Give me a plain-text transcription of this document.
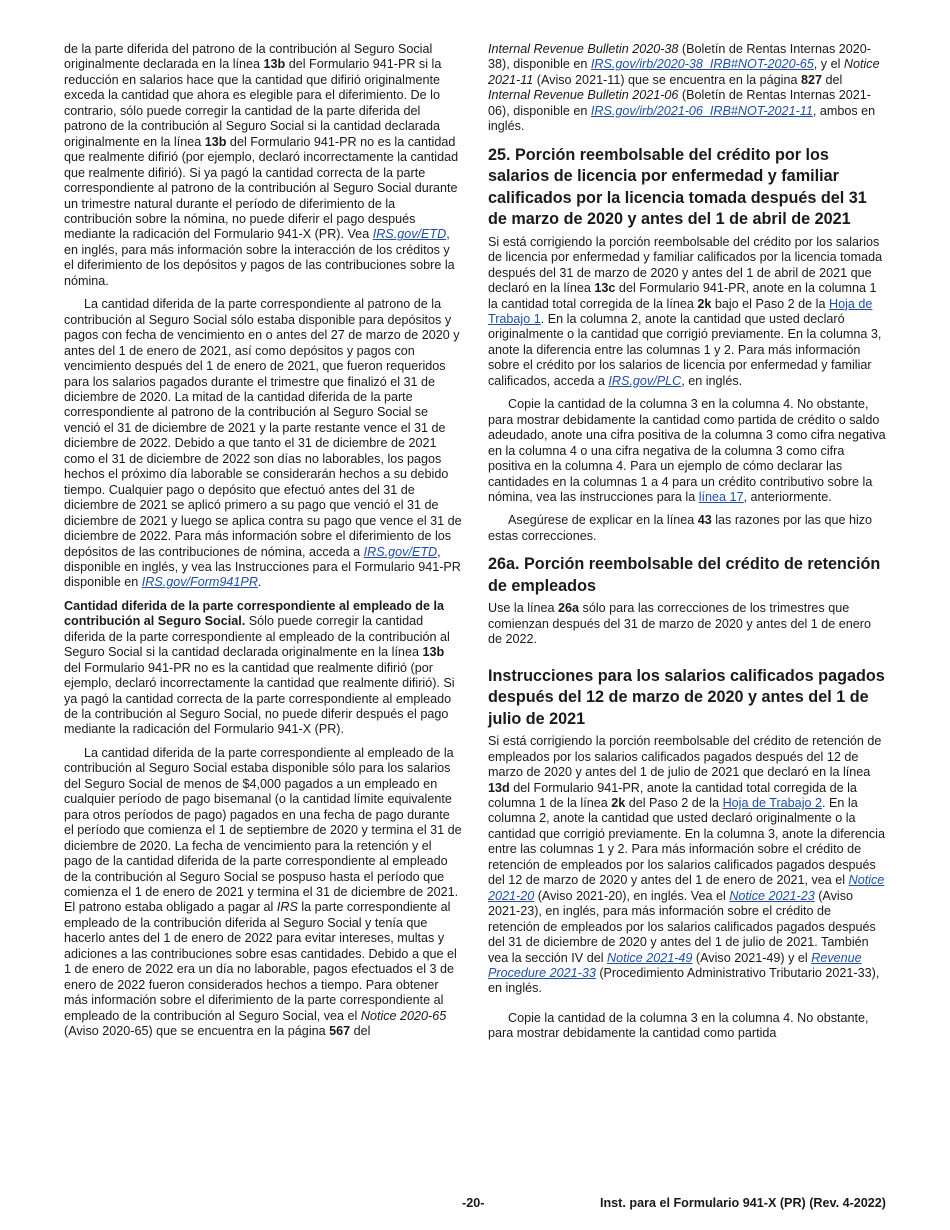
de la parte diferida del patrono de la contribución al Seguro Social originalmente declarada en la línea 13b del Formulario 941-PR si la reducción en salarios hace que la cantidad que difirió originalmente exceda la cantidad que ahora es elegible para el diferimiento. De lo contrario, sólo puede corregir la cantidad de la parte diferida del patrono de la contribución al Seguro Social si la cantidad declarada originalmente en la línea 13b del Formulario 941-PR no es la cantidad que realmente difirió (por ejemplo, declaró incorrectamente la cantidad que realmente difirió). Si ya pagó la cantidad correcta de la parte correspondiente al patrono de la contribución al Seguro Social durante un trimestre natural durante el período de diferimiento de la contribución sobre la nómina, no puede diferir el pago después mediante la radicación del Formulario 941-X (PR). Vea IRS.gov/ETD, en inglés, para más información sobre la interacción de los créditos y el diferimiento de los depósitos y pagos de las contribuciones sobre la nómina.

La cantidad diferida de la parte correspondiente al patrono de la contribución al Seguro Social sólo estaba disponible para depósitos y pagos con fecha de vencimiento en o antes del 27 de marzo de 2020 y antes del 1 de enero de 2021, así como depósitos y pagos con vencimiento después del 1 de enero de 2021, que fueron requeridos para los salarios pagados durante el trimestre que finalizó el 31 de diciembre de 2020. La mitad de la cantidad diferida de la parte correspondiente al patrono de la contribución al Seguro Social se venció el 31 de diciembre de 2021 y la parte restante vence el 31 de diciembre de 2022. Debido a que tanto el 31 de diciembre de 2021 como el 31 de diciembre de 2022 son días no laborables, los pagos hechos el próximo día laborable se considerarán hechos a su debido tiempo. Cualquier pago o depósito que efectuó antes del 31 de diciembre de 2021 se aplicó primero a su pago que venció el 31 de diciembre de 2021 y luego se aplica contra su pago que vence el 31 de diciembre de 2022. Para más información sobre el diferimiento de los depósitos de las contribuciones de nómina, acceda a IRS.gov/ETD, disponible en inglés, y vea las Instrucciones para el Formulario 941-PR disponible en IRS.gov/Form941PR.

Cantidad diferida de la parte correspondiente al empleado de la contribución al Seguro Social. Sólo puede corregir la cantidad diferida de la parte correspondiente al empleado de la contribución al Seguro Social si la cantidad declarada originalmente en la línea 13b del Formulario 941-PR no es la cantidad que realmente difirió (por ejemplo, declaró incorrectamente la cantidad que realmente difirió). Si ya pagó la cantidad correcta de la parte correspondiente al empleado de la contribución al Seguro Social, no puede diferir después el pago mediante la radicación del Formulario 941-X (PR).

La cantidad diferida de la parte correspondiente al empleado de la contribución al Seguro Social estaba disponible sólo para los salarios del Seguro Social de menos de $4,000 pagados a un empleado en cualquier período de pago bisemanal (o la cantidad límite equivalente para otros períodos de pago) pagados en una fecha de pago durante el período que comienza el 1 de septiembre de 2020 y termina el 31 de diciembre de 2020. La fecha de vencimiento para la retención y el pago de la cantidad diferida de la parte correspondiente al empleado de la contribución al Seguro Social se pospuso hasta el período que comienza el 1 de enero de 2021 y termina el 31 de diciembre de 2021. El patrono estaba obligado a pagar al IRS la parte correspondiente al empleado de la contribución diferida al Seguro Social y tenía que hacerlo antes del 1 de enero de 2022 para evitar intereses, multas y adiciones a las contribuciones sobre esas cantidades. Debido a que el 1 de enero de 2022 era un día no laborable, pagos efectuados el 3 de enero de 2022 fueron considerados hechos a tiempo. Para obtener más información sobre el diferimiento de la parte correspondiente al empleado de la contribución al Seguro Social, vea el Notice 2020-65 (Aviso 2020-65) que se encuentra en la página 567 del

Internal Revenue Bulletin 2020-38 (Boletín de Rentas Internas 2020-38), disponible en IRS.gov/irb/2020-38_IRB#NOT-2020-65, y el Notice 2021-11 (Aviso 2021-11) que se encuentra en la página 827 del Internal Revenue Bulletin 2021-06 (Boletín de Rentas Internas 2021-06), disponible en IRS.gov/irb/2021-06_IRB#NOT-2021-11, ambos en inglés.

25. Porción reembolsable del crédito por los salarios de licencia por enfermedad y familiar calificados por la licencia tomada después del 31 de marzo de 2020 y antes del 1 de abril de 2021

Si está corrigiendo la porción reembolsable del crédito por los salarios de licencia por enfermedad y familiar calificados por la licencia tomada después del 31 de marzo de 2020 y antes del 1 de abril de 2021 que declaró en la línea 13c del Formulario 941-PR, anote en la columna 1 la cantidad total corregida de la línea 2k bajo el Paso 2 de la Hoja de Trabajo 1. En la columna 2, anote la cantidad que usted declaró originalmente o la cantidad que corrigió previamente. En la columna 3, anote la diferencia entre las columnas 1 y 2. Para más información sobre el crédito por los salarios de licencia por enfermedad y familiar calificados, acceda a IRS.gov/PLC, en inglés.

Copie la cantidad de la columna 3 en la columna 4. No obstante, para mostrar debidamente la cantidad como partida de crédito o saldo adeudado, anote una cifra positiva de la columna 3 como cifra negativa en la columna 4 o una cifra negativa de la columna 3 como cifra positiva en la columna 4. Para un ejemplo de cómo declarar las cantidades en la columnas 1 a 4 para un crédito contributivo sobre la nómina, vea las instrucciones para la línea 17, anteriormente.

Asegúrese de explicar en la línea 43 las razones por las que hizo estas correcciones.

26a. Porción reembolsable del crédito de retención de empleados

Use la línea 26a sólo para las correcciones de los trimestres que comienzan después del 31 de marzo de 2020 y antes del 1 de enero de 2022.

Instrucciones para los salarios calificados pagados después del 12 de marzo de 2020 y antes del 1 de julio de 2021

Si está corrigiendo la porción reembolsable del crédito de retención de empleados por los salarios calificados pagados después del 12 de marzo de 2020 y antes del 1 de julio de 2021 que declaró en la línea 13d del Formulario 941-PR, anote la cantidad total corregida de la columna 1 de la línea 2k del Paso 2 de la Hoja de Trabajo 2. En la columna 2, anote la cantidad que usted declaró originalmente o la cantidad que corrigió previamente. En la columna 3, anote la diferencia entre las columnas 1 y 2. Para más información sobre el crédito de retención de empleados por los salarios calificados pagados después del 12 de marzo de 2020 y antes del 1 de enero de 2021, vea el Notice 2021-20 (Aviso 2021-20), en inglés. Vea el Notice 2021-23 (Aviso 2021-23), en inglés, para más información sobre el crédito de retención de empleados por los salarios calificados pagados después del 31 de diciembre de 2020 y antes del 1 de julio de 2021. También vea la sección IV del Notice 2021-49 (Aviso 2021-49) y el Revenue Procedure 2021-33 (Procedimiento Administrativo Tributario 2021-33), en inglés.

Copie la cantidad de la columna 3 en la columna 4. No obstante, para mostrar debidamente la cantidad como partida

-20-	Inst. para el Formulario 941-X (PR) (Rev. 4-2022)
